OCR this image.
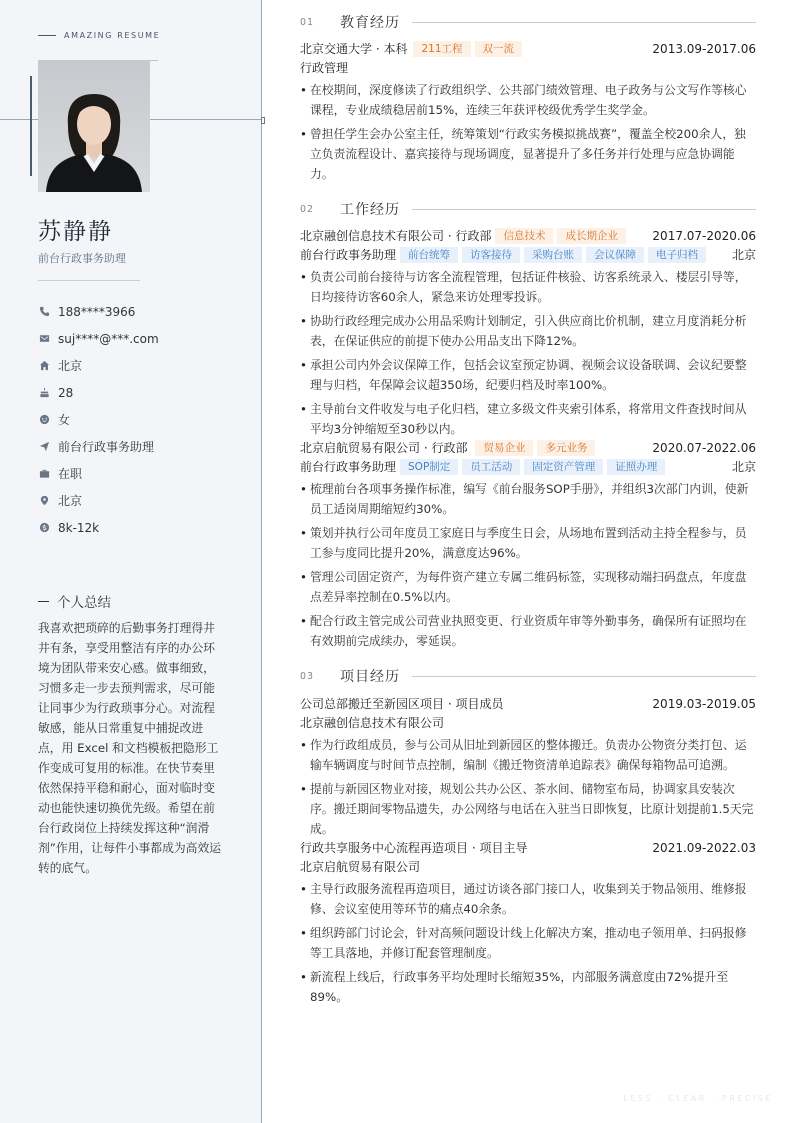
AMAZING RESUME
苏静静
前台行政事务助理
188****3966
suj****@***.com
北京
28
女
前台行政事务助理
在职
北京
8k-12k
个人总结
我喜欢把琐碎的后勤事务打理得井井有条，享受用整洁有序的办公环境为团队带来安心感。做事细致，习惯多走一步去预判需求，尽可能让同事少为行政琐事分心。对流程敏感，能从日常重复中捕捉改进点，用 Excel 和文档模板把隐形工作变成可复用的标准。在快节奏里依然保持平稳和耐心，面对临时变动也能快速切换优先级。希望在前台行政岗位上持续发挥这种“润滑剂”作用，让每件小事都成为高效运转的底气。
01	教育经历
北京交通大学 · 本科	211工程	双一流	2013.09-2017.06
行政管理
• 在校期间，深度修读了行政组织学、公共部门绩效管理、电子政务与公文写作等核心课程，专业成绩稳居前15%，连续三年获评校级优秀学生奖学金。
• 曾担任学生会办公室主任，统筹策划“行政实务模拟挑战赛”，覆盖全校200余人，独立负责流程设计、嘉宾接待与现场调度，显著提升了多任务并行处理与应急协调能力。
02	工作经历
北京融创信息技术有限公司 · 行政部	信息技术	成长期企业	2017.07-2020.06
前台行政事务助理	前台统筹	访客接待	采购台账	会议保障	电子归档	北京
• 负责公司前台接待与访客全流程管理，包括证件核验、访客系统录入、楼层引导等，日均接待访客60余人，紧急来访处理零投诉。
• 协助行政经理完成办公用品采购计划制定，引入供应商比价机制，建立月度消耗分析表，在保证供应的前提下使办公用品支出下降12%。
• 承担公司内外会议保障工作，包括会议室预定协调、视频会议设备联调、会议纪要整理与归档，年保障会议超350场，纪要归档及时率100%。
• 主导前台文件收发与电子化归档，建立多级文件夹索引体系，将常用文件查找时间从平均3分钟缩短至30秒以内。
北京启航贸易有限公司 · 行政部	贸易企业	多元业务	2020.07-2022.06
前台行政事务助理	SOP制定	员工活动	固定资产管理	证照办理	北京
• 梳理前台各项事务操作标准，编写《前台服务SOP手册》，并组织3次部门内训，使新员工适岗周期缩短约30%。
• 策划并执行公司年度员工家庭日与季度生日会，从场地布置到活动主持全程参与，员工参与度同比提升20%，满意度达96%。
• 管理公司固定资产，为每件资产建立专属二维码标签，实现移动端扫码盘点，年度盘点差异率控制在0.5%以内。
• 配合行政主管完成公司营业执照变更、行业资质年审等外勤事务，确保所有证照均在有效期前完成续办，零延误。
03	项目经历
公司总部搬迁至新园区项目 · 项目成员	2019.03-2019.05
北京融创信息技术有限公司
• 作为行政组成员，参与公司从旧址到新园区的整体搬迁。负责办公物资分类打包、运输车辆调度与时间节点控制，编制《搬迁物资清单追踪表》确保每箱物品可追溯。
• 提前与新园区物业对接，规划公共办公区、茶水间、储物室布局，协调家具安装次序。搬迁期间零物品遗失，办公网络与电话在入驻当日即恢复，比原计划提前1.5天完成。
行政共享服务中心流程再造项目 · 项目主导	2021.09-2022.03
北京启航贸易有限公司
• 主导行政服务流程再造项目，通过访谈各部门接口人，收集到关于物品领用、维修报修、会议室使用等环节的痛点40余条。
• 组织跨部门讨论会，针对高频问题设计线上化解决方案，推动电子领用单、扫码报修等工具落地，并修订配套管理制度。
• 新流程上线后，行政事务平均处理时长缩短35%，内部服务满意度由72%提升至89%。
LESS · CLEAR · PRECISE
